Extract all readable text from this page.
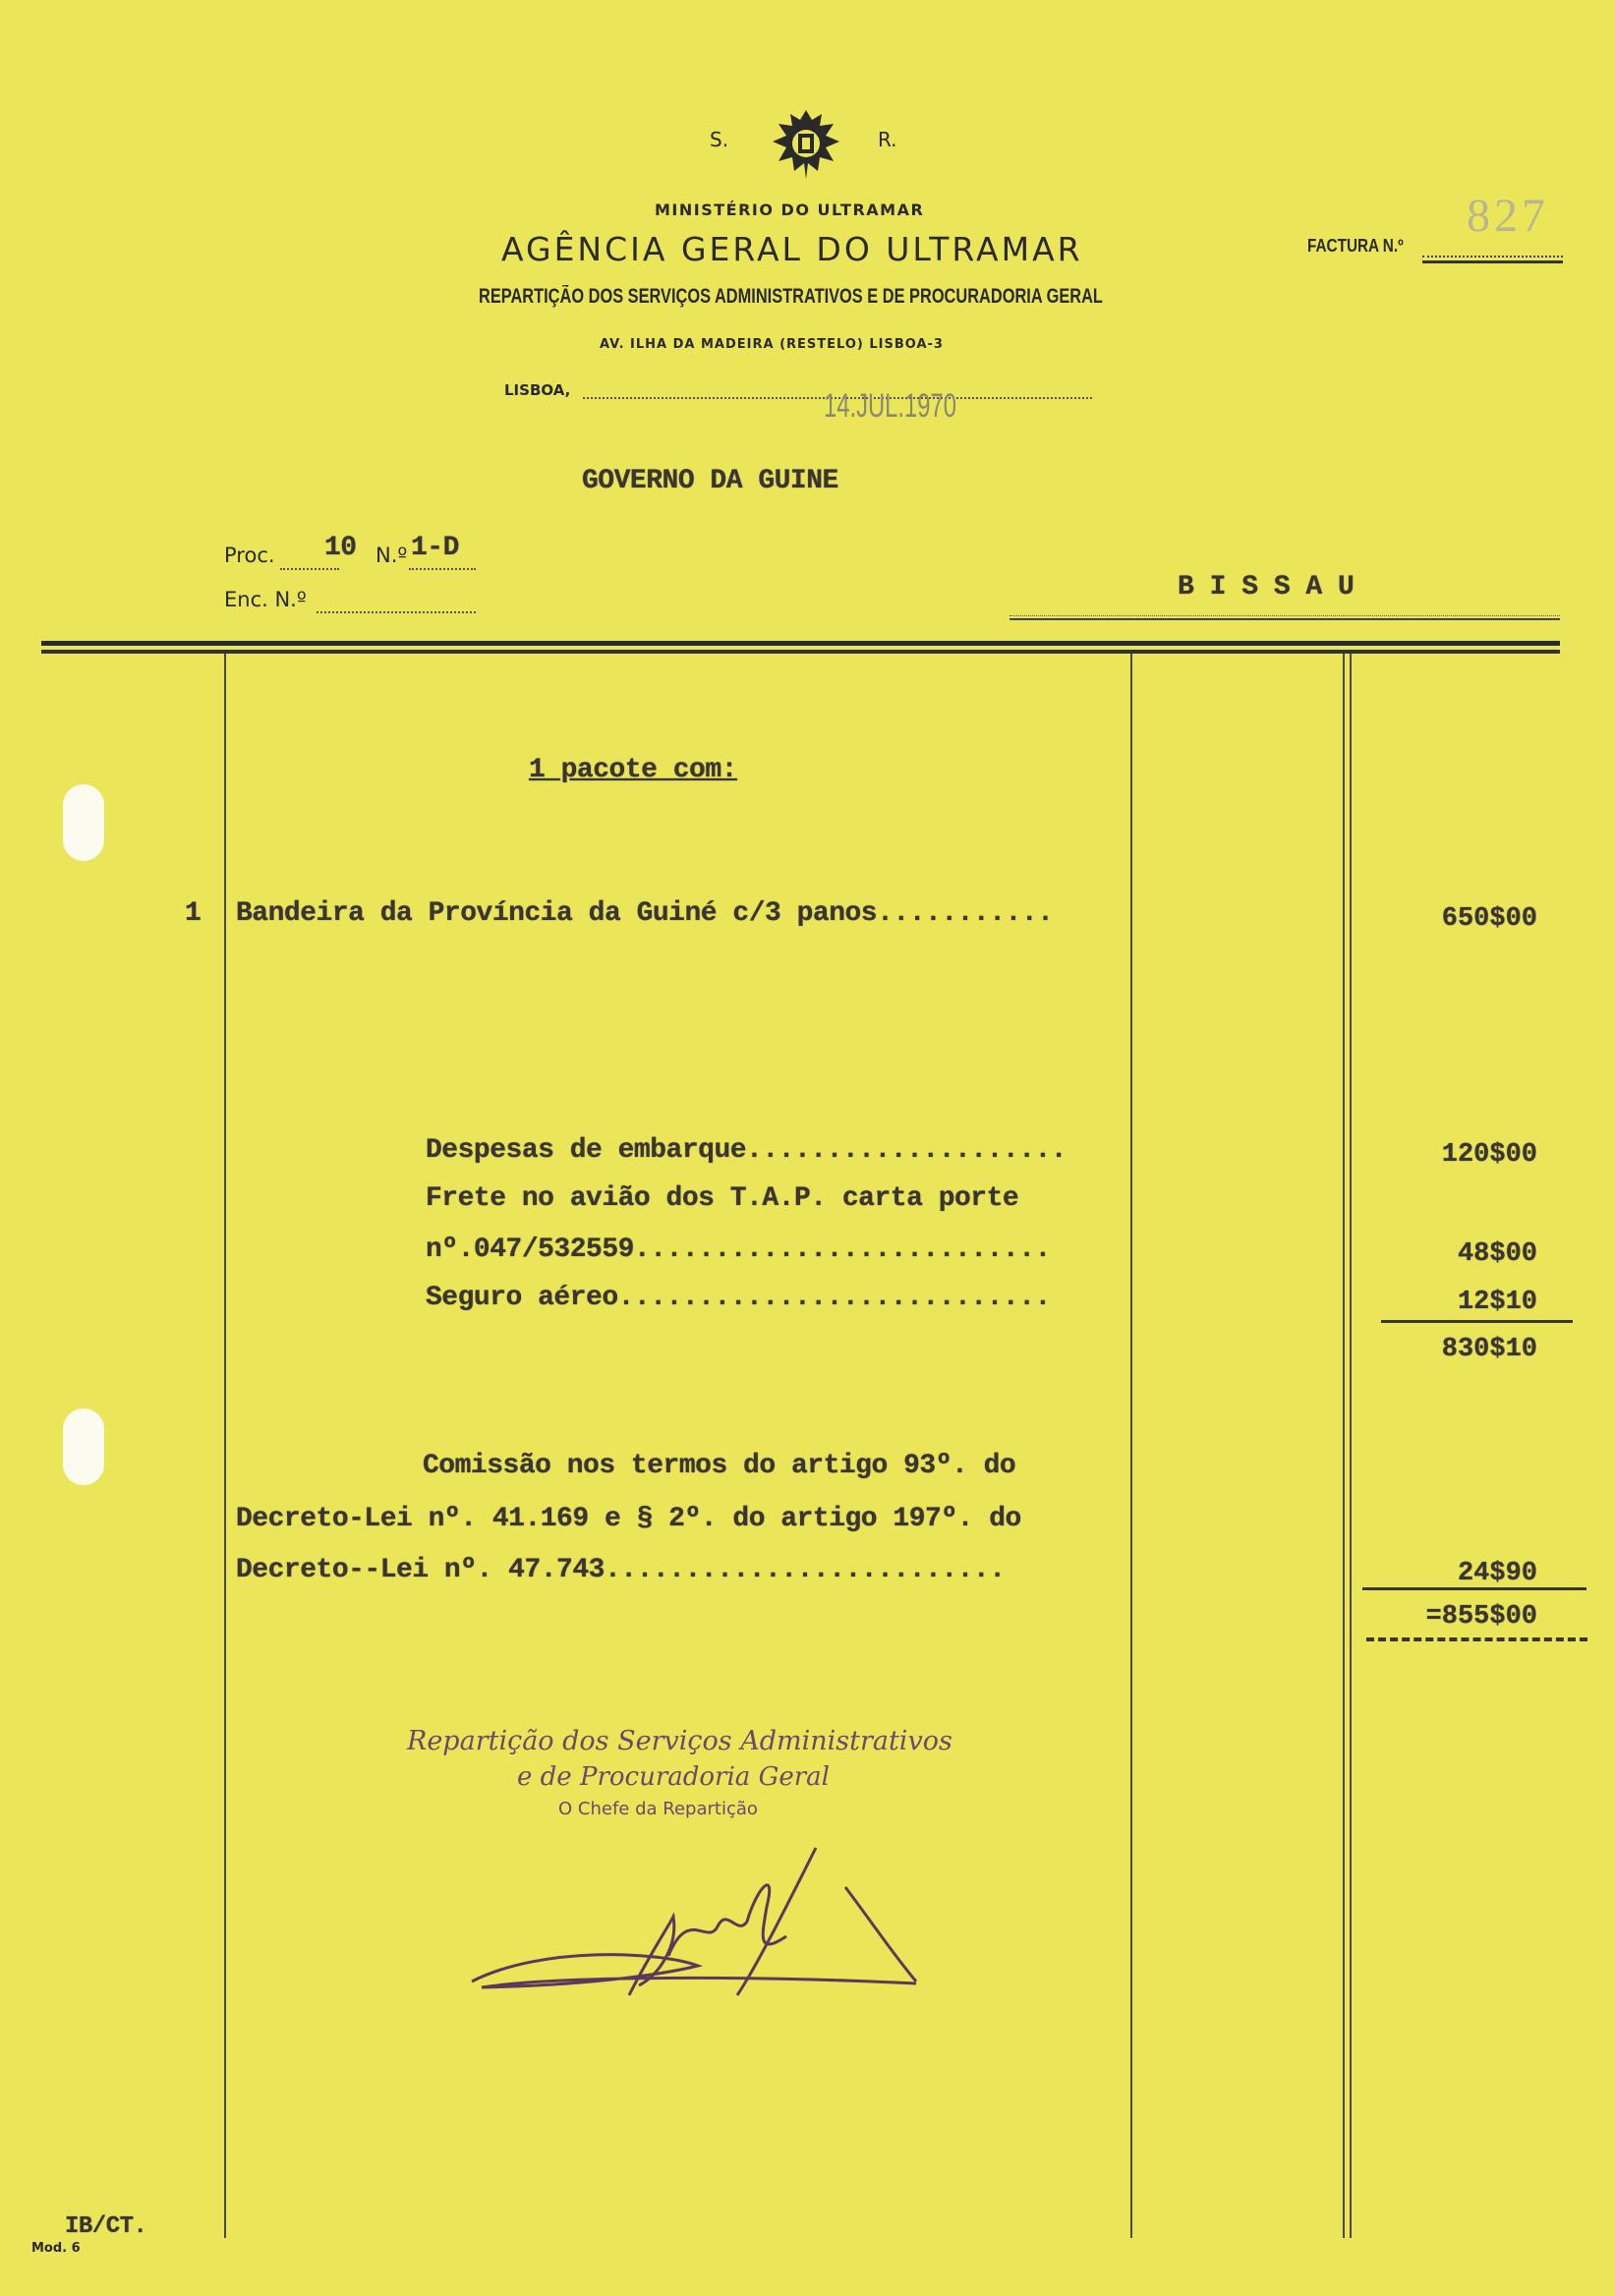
S.	R.
MINISTÉRIO DO ULTRAMAR
AGÊNCIA GERAL DO ULTRAMAR
REPARTIÇÃO DOS SERVIÇOS ADMINISTRATIVOS E DE PROCURADORIA GERAL
AV. ILHA DA MADEIRA (RESTELO) LISBOA-3
LISBOA,	14.JUL.1970
FACTURA N.º
827
GOVERNO DA GUINE
Proc. 10 N.º 1-D
Enc. N.º	B I S S A U
1 pacote com:
1 Bandeira da Província da Guiné c/3 panos...........	650$00
Despesas de embarque....................	120$00
Frete no avião dos T.A.P. carta porte
nº.047/532559..........................	48$00
Seguro aéreo...........................	12$10
830$10
Comissão nos termos do artigo 93º. do
Decreto-Lei nº. 41.169 e § 2º. do artigo 197º. do
Decreto--Lei nº. 47.743.........................	24$90
=855$00
Repartição dos Serviços Administrativos
e de Procuradoria Geral
O Chefe da Repartição
IB/CT.
Mod. 6
